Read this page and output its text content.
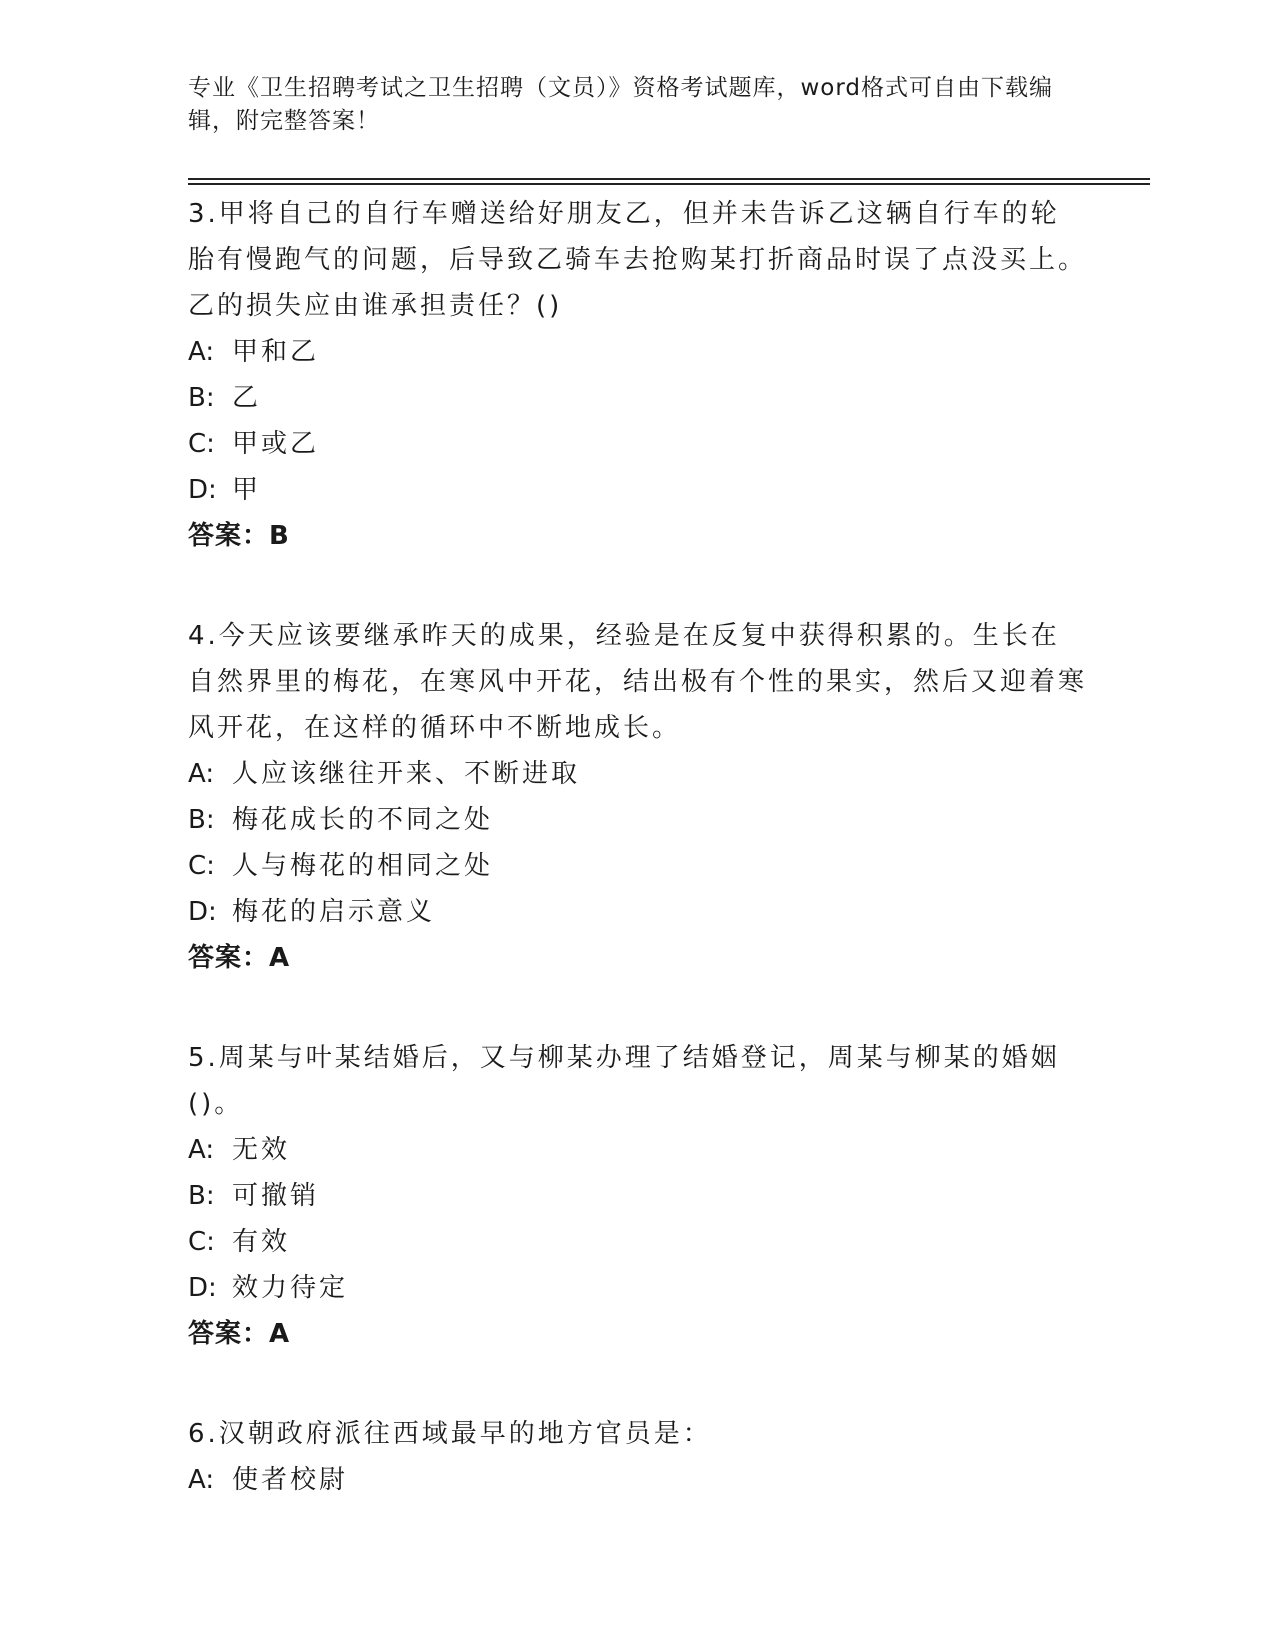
专业《卫生招聘考试之卫生招聘（文员）》资格考试题库，word格式可自由下载编辑，附完整答案！

3.甲将自己的自行车赠送给好朋友乙，但并未告诉乙这辆自行车的轮胎有慢跑气的问题，后导致乙骑车去抢购某打折商品时误了点没买上。乙的损失应由谁承担责任？()

A: 甲和乙

B: 乙

C: 甲或乙

D: 甲

答案：B

4.今天应该要继承昨天的成果，经验是在反复中获得积累的。生长在自然界里的梅花，在寒风中开花，结出极有个性的果实，然后又迎着寒风开花，在这样的循环中不断地成长。

A: 人应该继往开来、不断进取

B: 梅花成长的不同之处

C: 人与梅花的相同之处

D: 梅花的启示意义

答案：A

5.周某与叶某结婚后，又与柳某办理了结婚登记，周某与柳某的婚姻()。

A: 无效

B: 可撤销

C: 有效

D: 效力待定

答案：A

6.汉朝政府派往西域最早的地方官员是：

A: 使者校尉
